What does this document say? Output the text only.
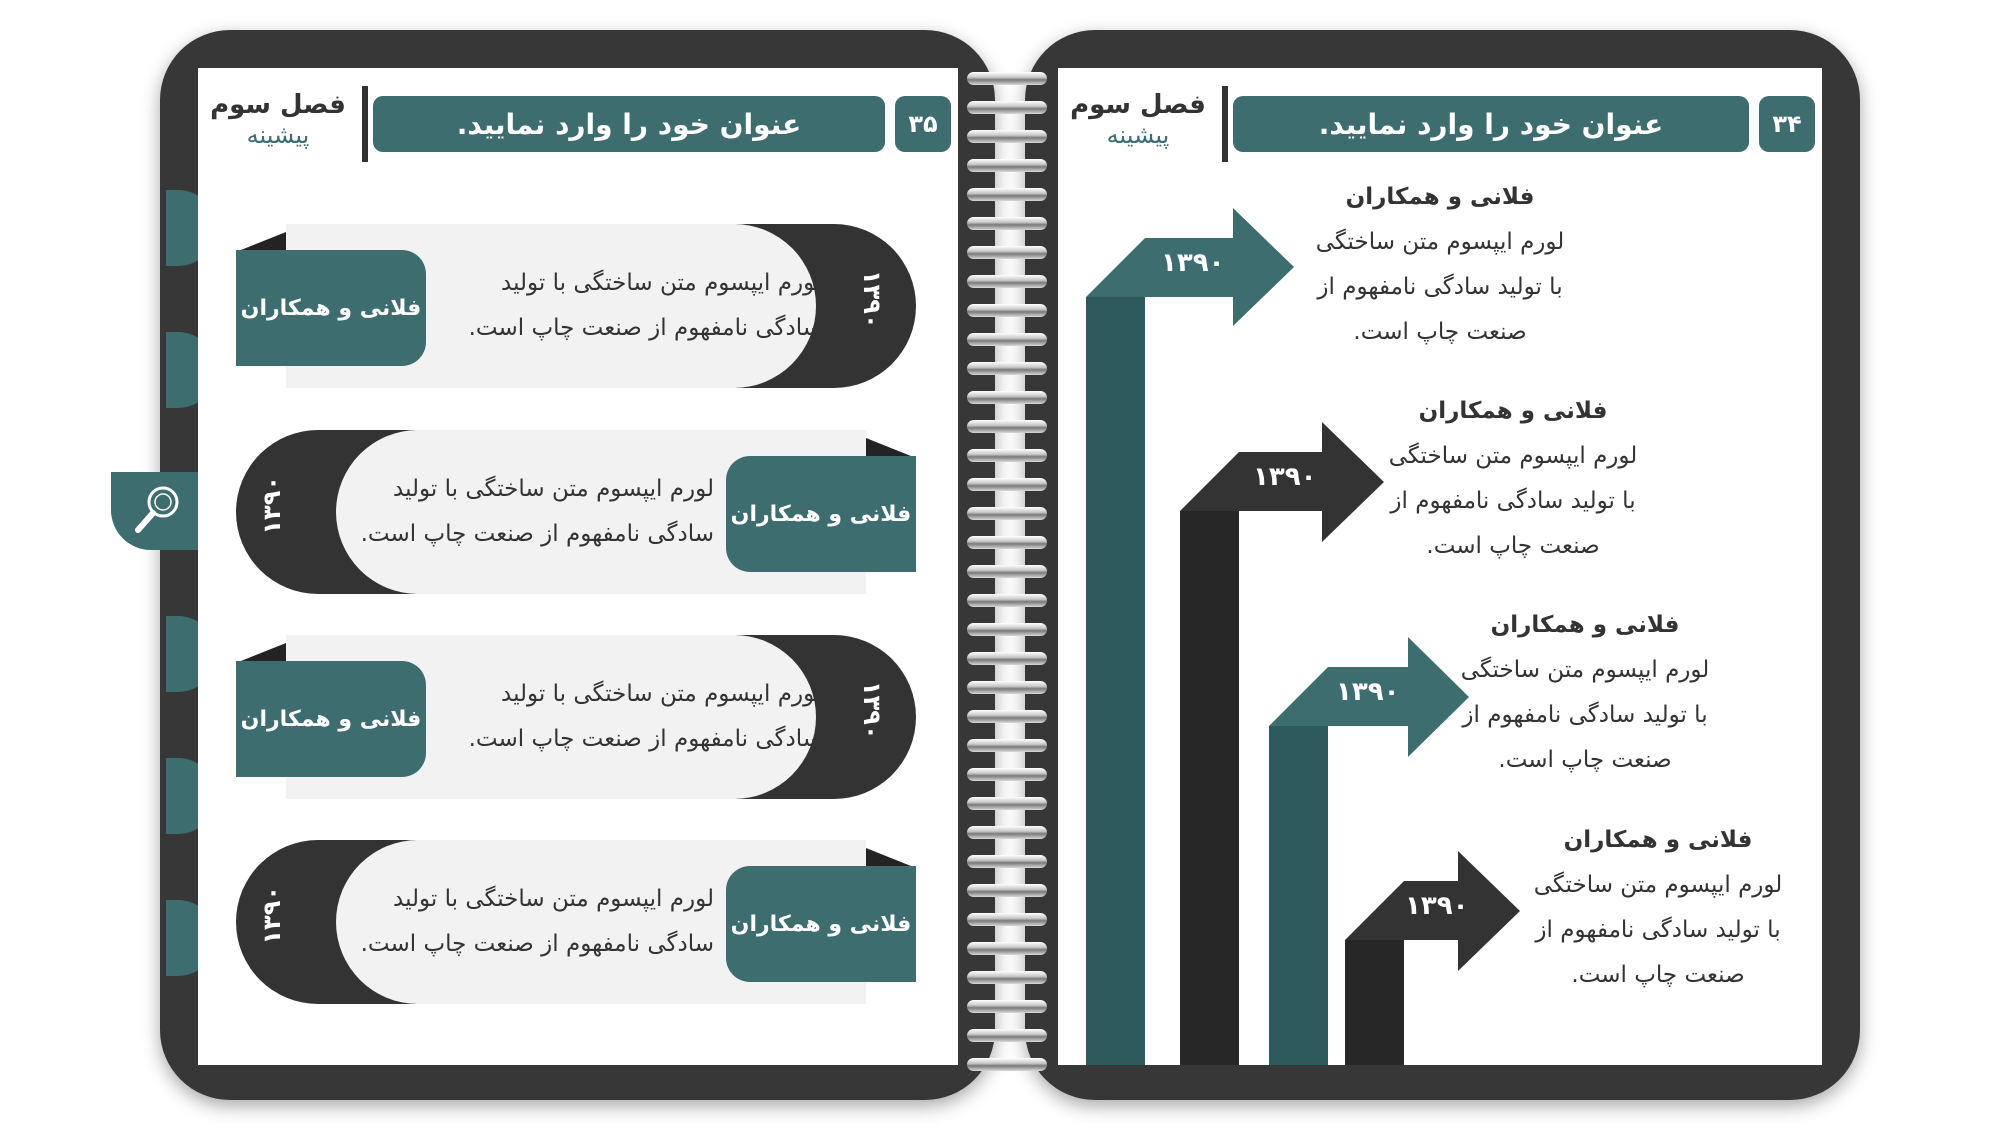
فصل سوم
پیشینه	عنوان خود را وارد نمایید.	۳۵
فلانی و همکاران
لورم ایپسوم متن ساختگی با تولید
سادگی نامفهوم از صنعت چاپ است. ۱۳۹۰
فلانی و همکاران
لورم ایپسوم متن ساختگی با تولید
سادگی نامفهوم از صنعت چاپ است.
۱۳۹۰
فلانی و همکاران
لورم ایپسوم متن ساختگی با تولید
سادگی نامفهوم از صنعت چاپ است. ۱۳۹۰
فلانی و همکاران
لورم ایپسوم متن ساختگی با تولید
سادگی نامفهوم از صنعت چاپ است.
۱۳۹۰
فصل سوم
پیشینه	عنوان خود را وارد نمایید.	۳۴
۱۳۹۰
۱۳۹۰
۱۳۹۰
۱۳۹۰
فلانی و همکاران
لورم ایپسوم متن ساختگی
با تولید سادگی نامفهوم از
صنعت چاپ است.
فلانی و همکاران
لورم ایپسوم متن ساختگی
با تولید سادگی نامفهوم از
صنعت چاپ است.
فلانی و همکاران
لورم ایپسوم متن ساختگی
با تولید سادگی نامفهوم از
صنعت چاپ است.
فلانی و همکاران
لورم ایپسوم متن ساختگی
با تولید سادگی نامفهوم از
صنعت چاپ است.
